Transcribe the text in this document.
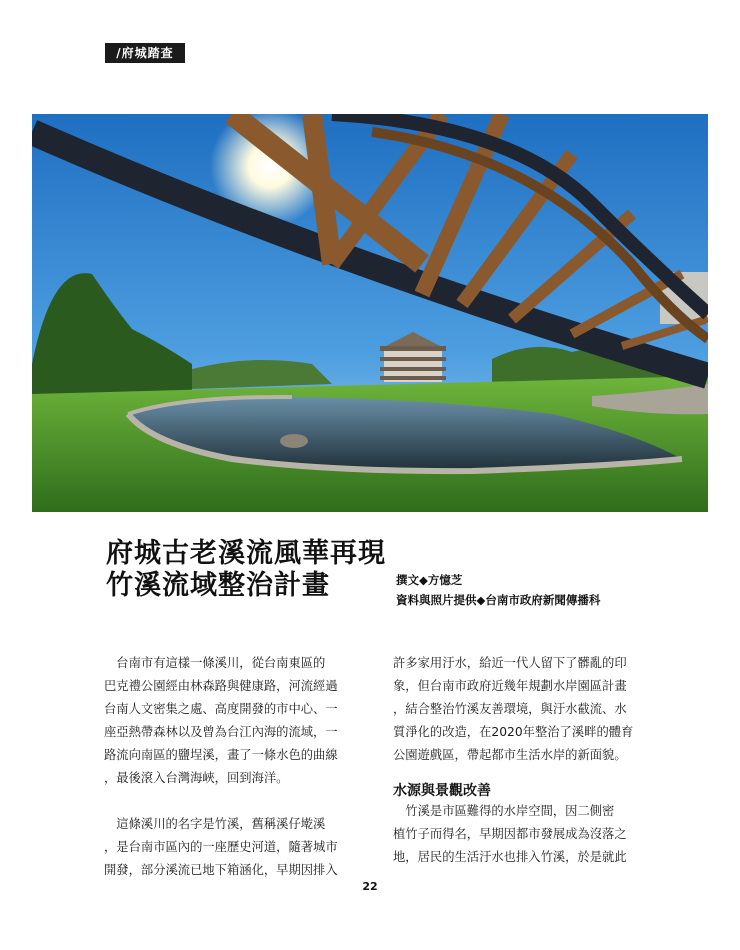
/府城踏查
府城古老溪流風華再現
竹溪流域整治計畫	撰文◆方憶芝
資料與照片提供◆台南市政府新聞傳播科

　台南市有這樣一條溪川，從台南東區的
巴克禮公園經由林森路與健康路，河流經過
台南人文密集之處、高度開發的市中心、一
座亞熱帶森林以及曾為台江內海的流域，一
路流向南區的鹽埕溪，畫了一條水色的曲線
，最後滾入台灣海峽，回到海洋。

　這條溪川的名字是竹溪，舊稱溪仔墘溪
，是台南市區內的一座歷史河道，隨著城市
開發，部分溪流已地下箱涵化，早期因排入

許多家用汙水，給近一代人留下了髒亂的印
象，但台南市政府近幾年規劃水岸園區計畫
，結合整治竹溪友善環境，與汙水截流、水
質淨化的改造，在2020年整治了溪畔的體育
公園遊戲區，帶起都市生活水岸的新面貌。

水源與景觀改善

　竹溪是市區難得的水岸空間，因二側密
植竹子而得名，早期因都市發展成為沒落之
地，居民的生活汙水也排入竹溪，於是就此

22
